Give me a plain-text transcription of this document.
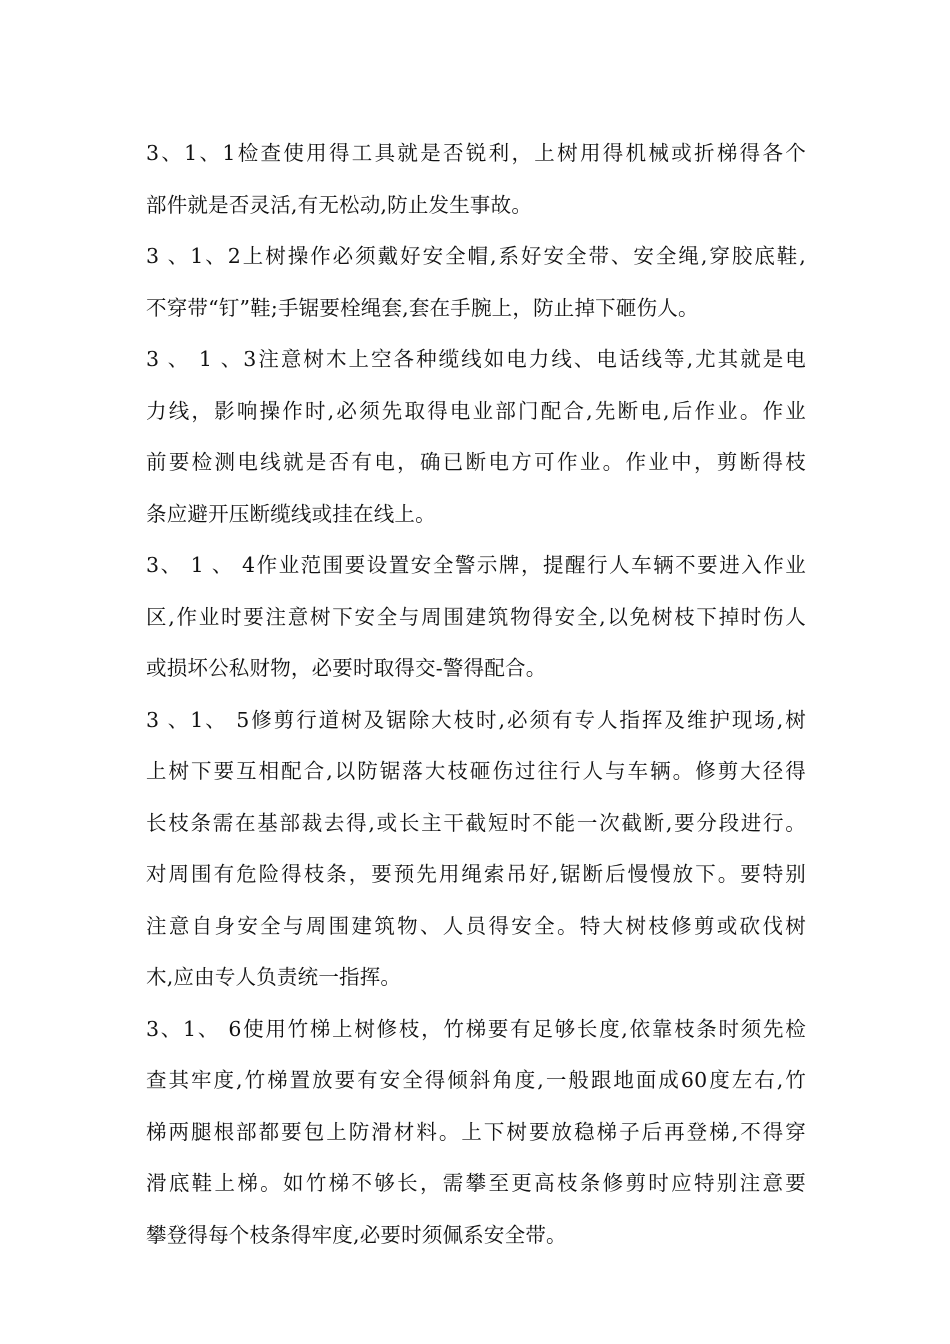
3、1、1检查使用得工具就是否锐利，上树用得机械或折梯得各个
部件就是否灵活,有无松动,防止发生事故。
3 、1、2上树操作必须戴好安全帽,系好安全带、安全绳,穿胶底鞋,
不穿带“钉”鞋;手锯要栓绳套,套在手腕上，防止掉下砸伤人。
3 、 1 、3注意树木上空各种缆线如电力线、电话线等,尤其就是电
力线，影响操作时,必须先取得电业部门配合,先断电,后作业。作业
前要检测电线就是否有电，确已断电方可作业。作业中，剪断得枝
条应避开压断缆线或挂在线上。
3、 1 、 4作业范围要设置安全警示牌，提醒行人车辆不要进入作业
区,作业时要注意树下安全与周围建筑物得安全,以免树枝下掉时伤人
或损坏公私财物，必要时取得交-警得配合。
3 、1、 5修剪行道树及锯除大枝时,必须有专人指挥及维护现场,树
上树下要互相配合,以防锯落大枝砸伤过往行人与车辆。修剪大径得
长枝条需在基部裁去得,或长主干截短时不能一次截断,要分段进行。
对周围有危险得枝条，要预先用绳索吊好,锯断后慢慢放下。要特别
注意自身安全与周围建筑物、人员得安全。特大树枝修剪或砍伐树
木,应由专人负责统一指挥。
3、1、 6使用竹梯上树修枝，竹梯要有足够长度,依靠枝条时须先检
查其牢度,竹梯置放要有安全得倾斜角度,一般跟地面成60度左右,竹
梯两腿根部都要包上防滑材料。上下树要放稳梯子后再登梯,不得穿
滑底鞋上梯。如竹梯不够长，需攀至更高枝条修剪时应特别注意要
攀登得每个枝条得牢度,必要时须佩系安全带。
